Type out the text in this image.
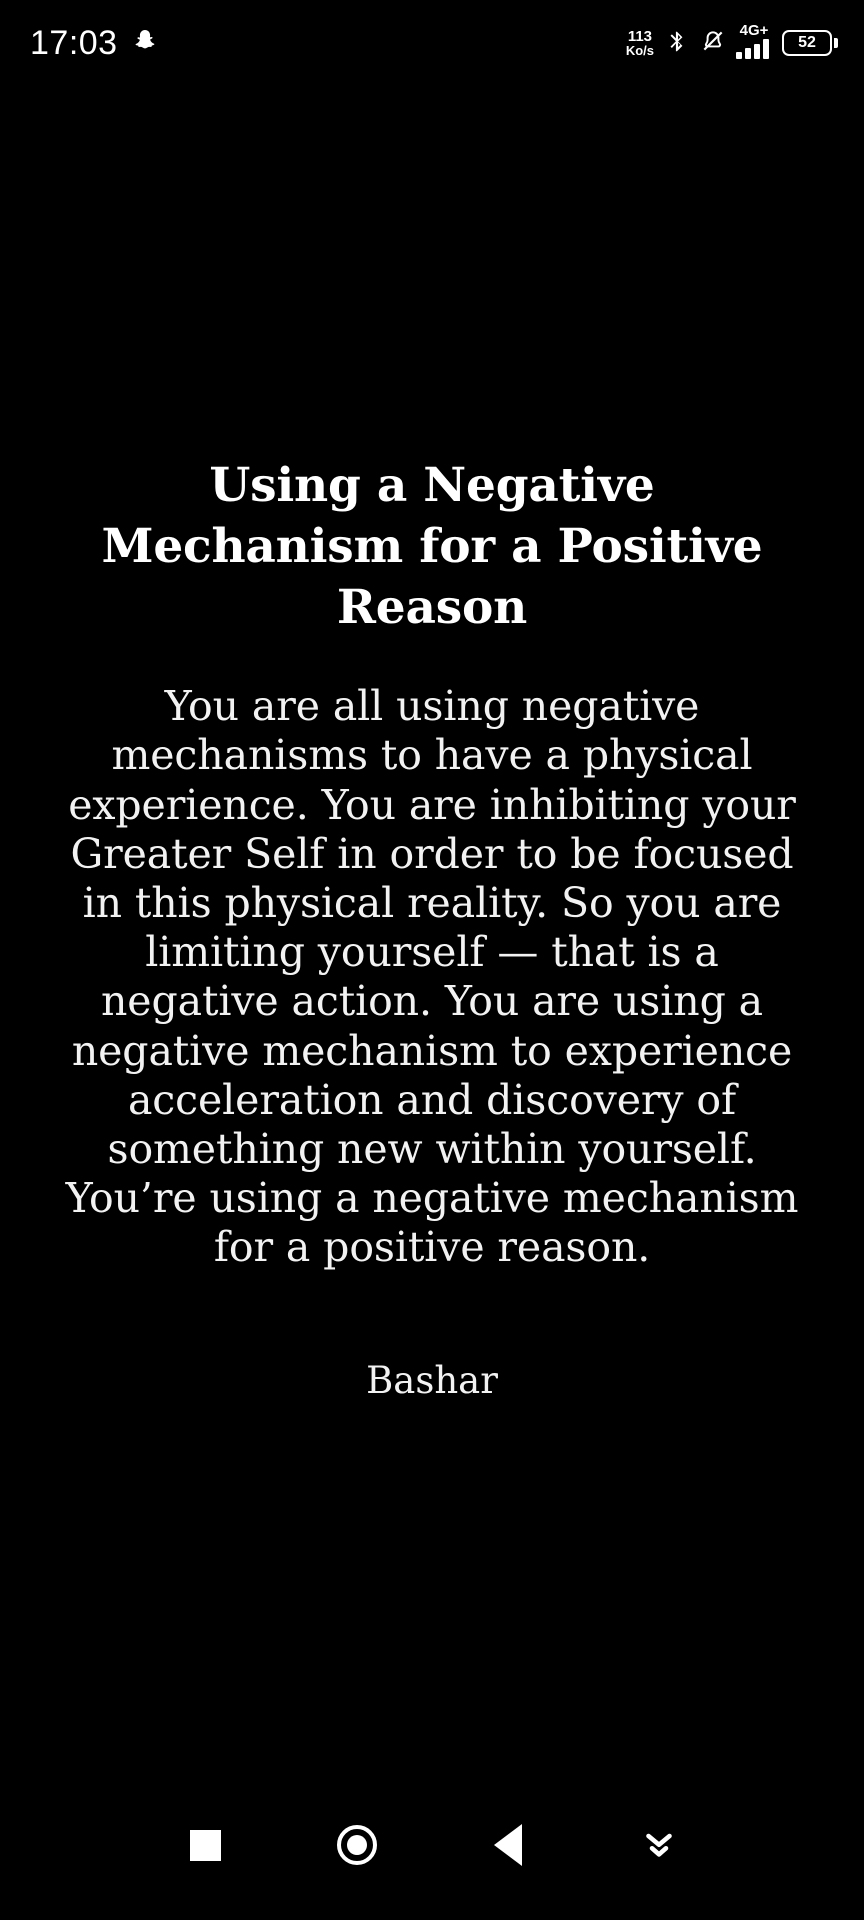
17:03	113
Ko/s
4G+
52
Using a Negative Mechanism for a Positive Reason
You are all using negative mechanisms to have a physical experience. You are inhibiting your Greater Self in order to be focused in this physical reality. So you are limiting yourself — that is a negative action. You are using a negative mechanism to experience acceleration and discovery of something new within yourself. You’re using a negative mechanism for a positive reason.
Bashar
